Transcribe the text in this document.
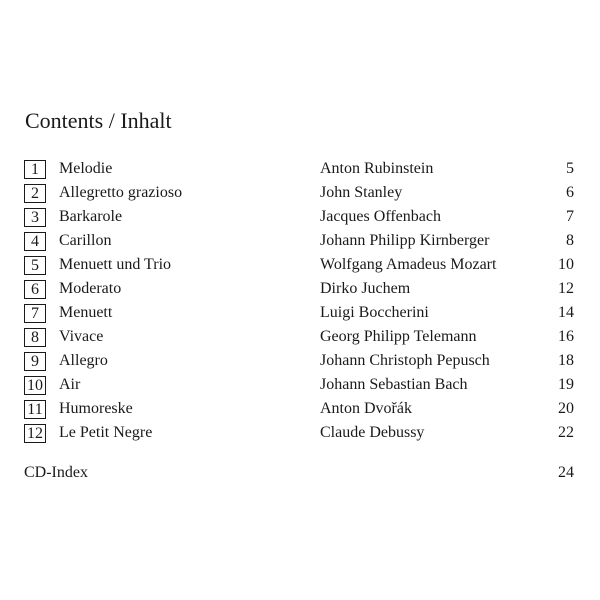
Contents / Inhalt
1	Melodie	Anton Rubinstein	5
2	Allegretto grazioso	John Stanley	6
3	Barkarole	Jacques Offenbach	7
4	Carillon	Johann Philipp Kirnberger	8
5	Menuett und Trio	Wolfgang Amadeus Mozart	10
6	Moderato	Dirko Juchem	12
7	Menuett	Luigi Boccherini	14
8	Vivace	Georg Philipp Telemann	16
9	Allegro	Johann Christoph Pepusch	18
10 Air	Johann Sebastian Bach	19
11 Humoreske	Anton Dvořák	20
12 Le Petit Negre	Claude Debussy	22
CD-Index	24
